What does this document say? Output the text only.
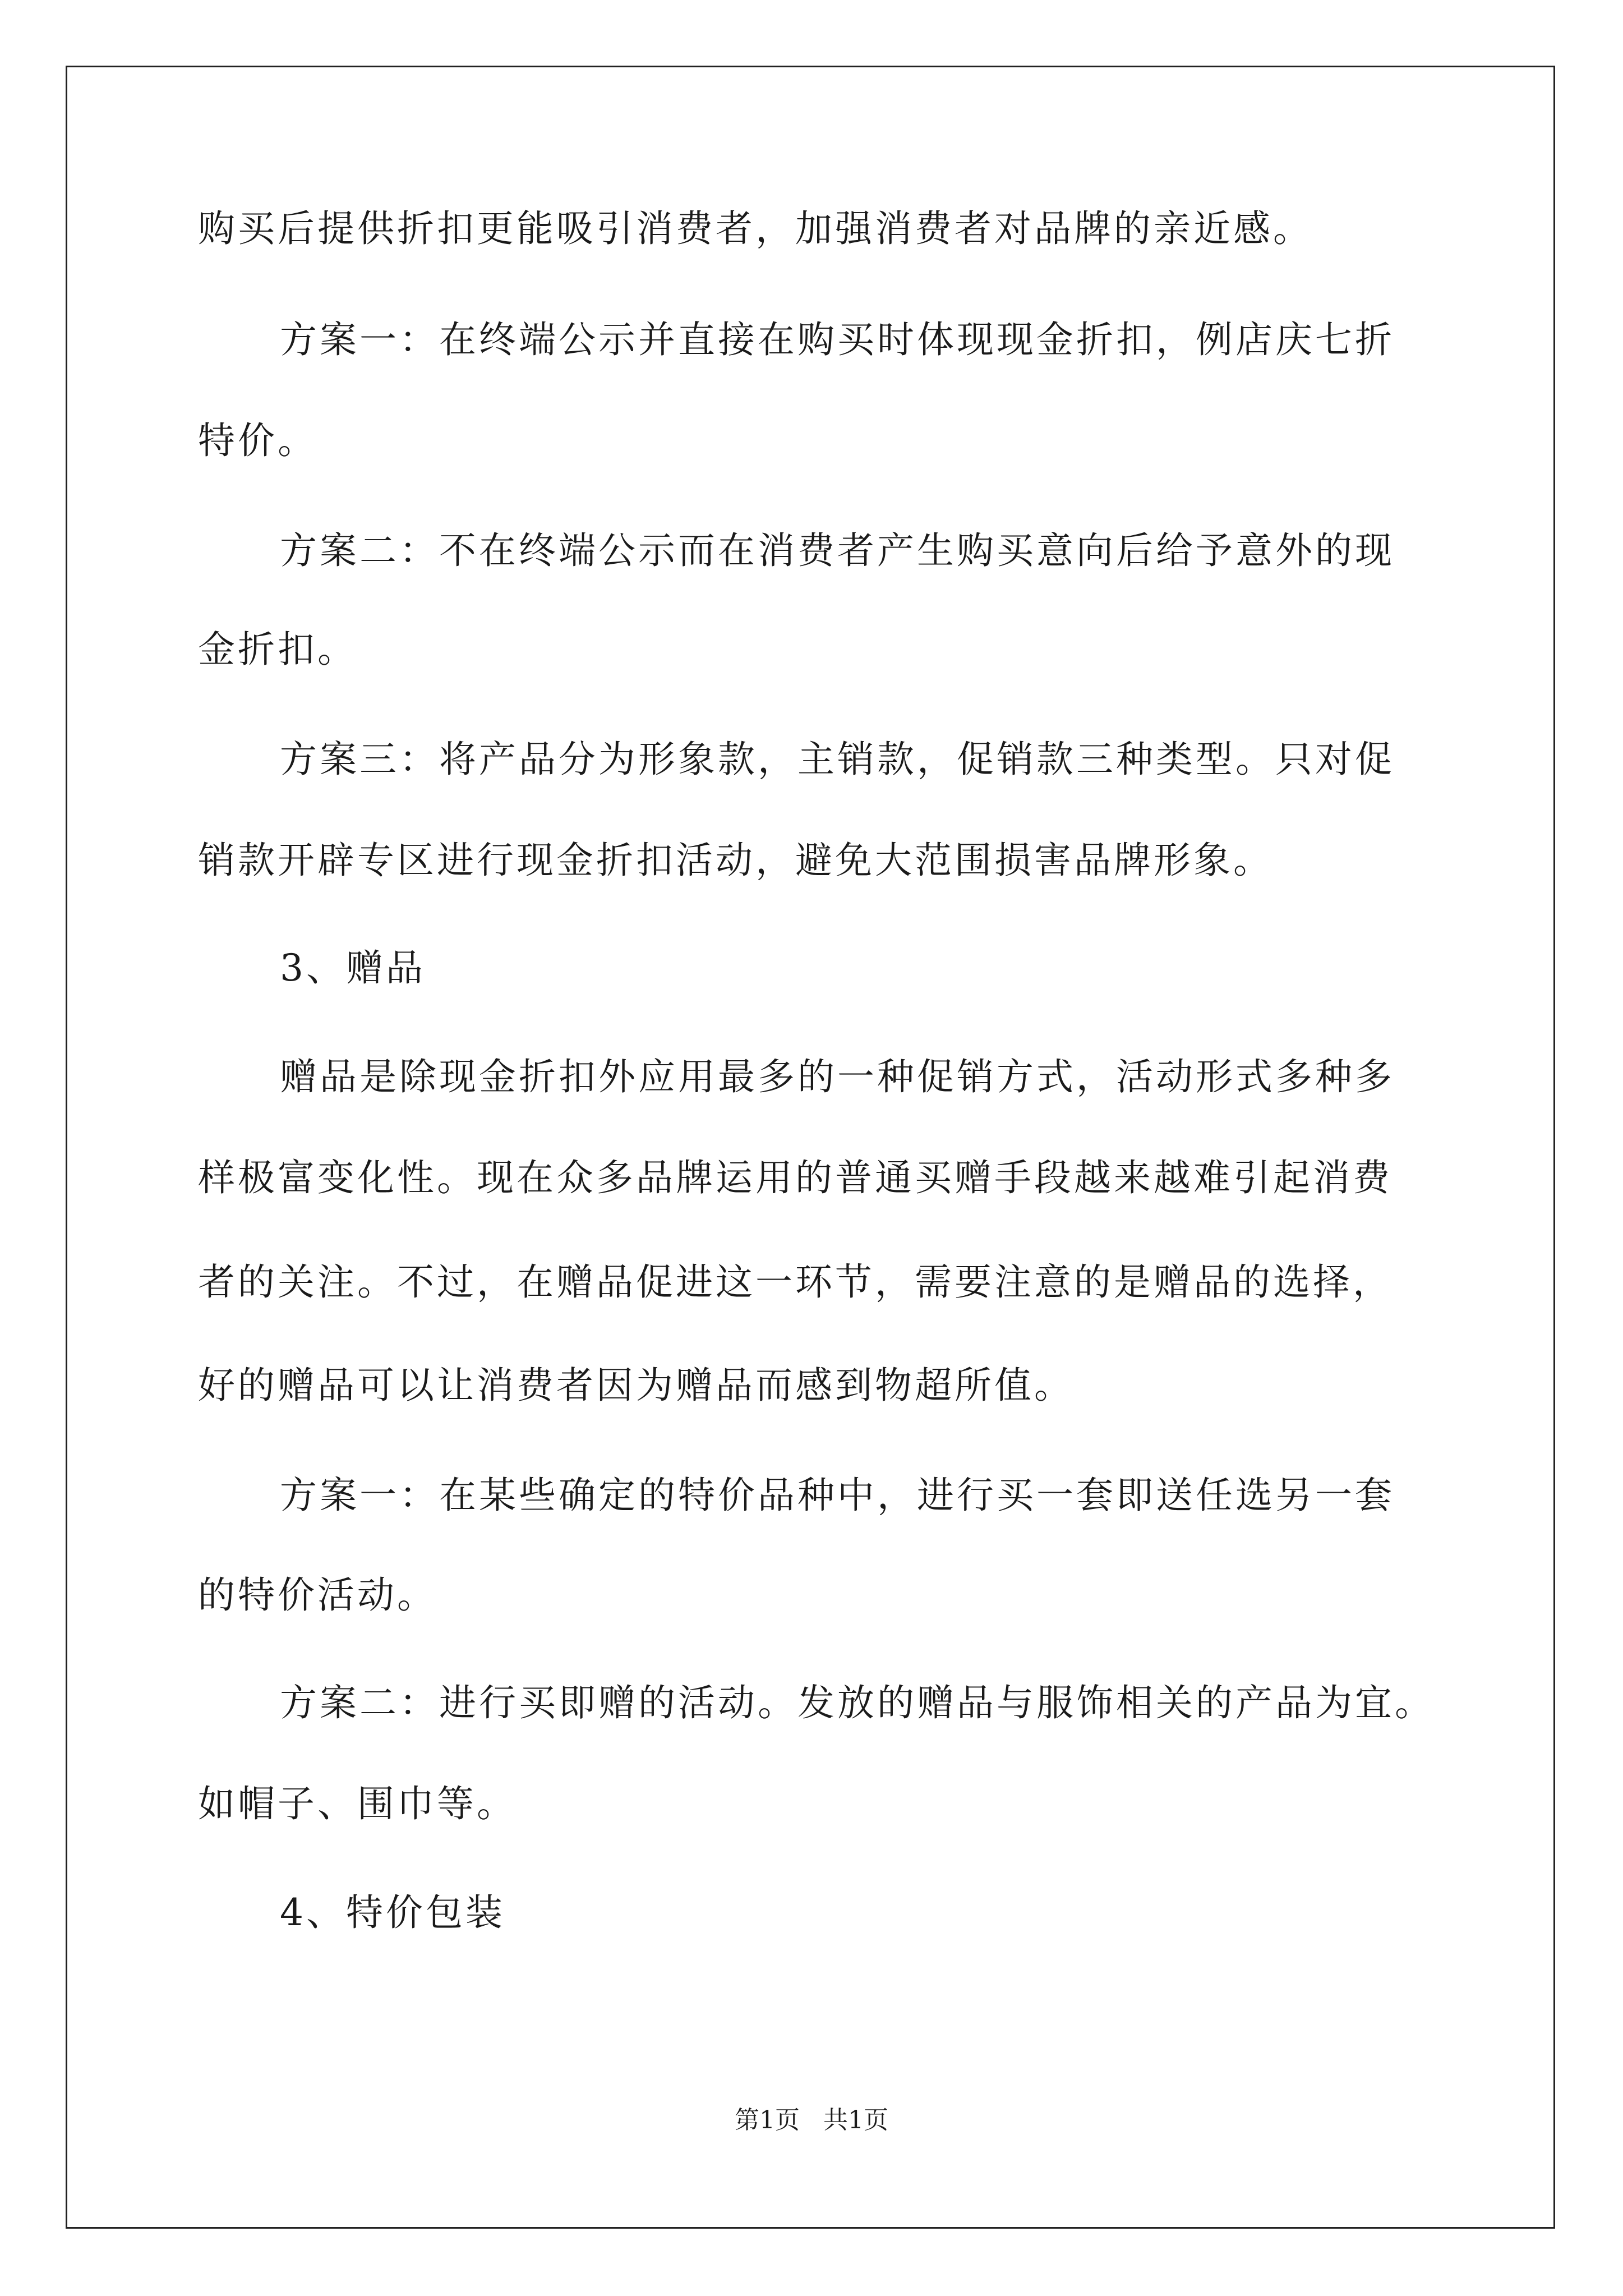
购买后提供折扣更能吸引消费者，加强消费者对品牌的亲近感。
方案一：在终端公示并直接在购买时体现现金折扣，例店庆七折
特价。
方案二：不在终端公示而在消费者产生购买意向后给予意外的现
金折扣。
方案三：将产品分为形象款，主销款，促销款三种类型。只对促
销款开辟专区进行现金折扣活动，避免大范围损害品牌形象。
3、赠品
赠品是除现金折扣外应用最多的一种促销方式，活动形式多种多
样极富变化性。现在众多品牌运用的普通买赠手段越来越难引起消费
者的关注。不过，在赠品促进这一环节，需要注意的是赠品的选择，
好的赠品可以让消费者因为赠品而感到物超所值。
方案一：在某些确定的特价品种中，进行买一套即送任选另一套
的特价活动。
方案二：进行买即赠的活动。发放的赠品与服饰相关的产品为宜。
如帽子、围巾等。
4、特价包装
第1页   共1页
